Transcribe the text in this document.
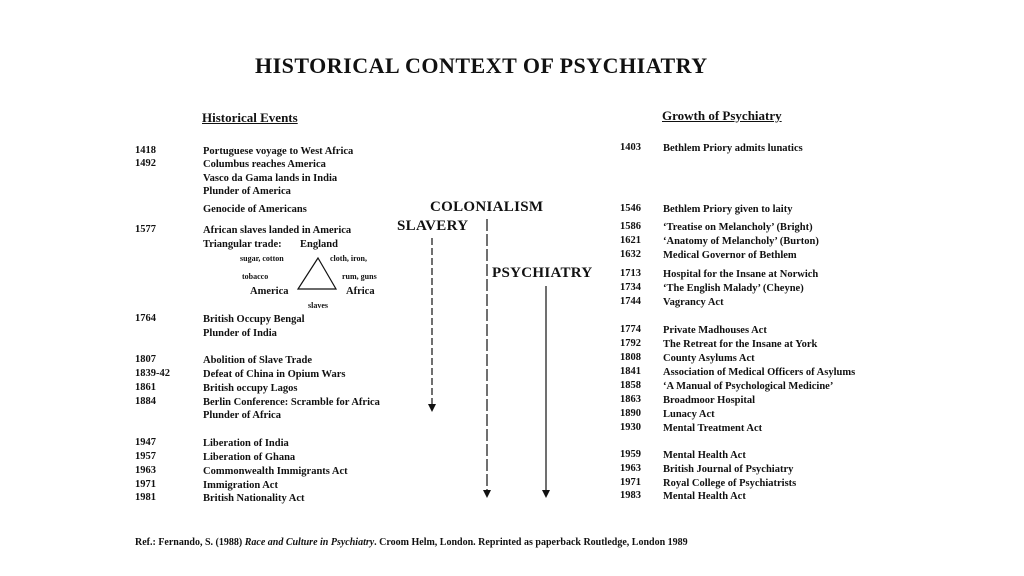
HISTORICAL CONTEXT OF PSYCHIATRY
Historical Events	Growth of Psychiatry
1418	Portuguese voyage to West Africa
1492	Columbus reaches America
Vasco da Gama lands in India
Plunder of America
Genocide of Americans
1577	African slaves landed in America
Triangular trade: England
sugar, cotton	cloth, iron,
tobacco	rum, guns
America	Africa
slaves
1764	British Occupy Bengal
Plunder of India
1807	Abolition of Slave Trade
1839-42	Defeat of China in Opium Wars
1861	British occupy Lagos
1884	Berlin Conference: Scramble for Africa
Plunder of Africa
1947	Liberation of India
1957	Liberation of Ghana
1963	Commonwealth Immigrants Act
1971	Immigration Act
1981	British Nationality Act
COLONIALISM
SLAVERY
PSYCHIATRY
1403 Bethlem Priory admits lunatics
1546 Bethlem Priory given to laity
1586 ‘Treatise on Melancholy’ (Bright)
1621 ‘Anatomy of Melancholy’ (Burton)
1632 Medical Governor of Bethlem
1713 Hospital for the Insane at Norwich
1734 ‘The English Malady’ (Cheyne)
1744 Vagrancy Act
1774 Private Madhouses Act
1792 The Retreat for the Insane at York
1808 County Asylums Act
1841 Association of Medical Officers of Asylums
1858 ‘A Manual of Psychological Medicine’
1863 Broadmoor Hospital
1890 Lunacy Act
1930 Mental Treatment Act
1959 Mental Health Act
1963 British Journal of Psychiatry
1971 Royal College of Psychiatrists
1983 Mental Health Act
Ref.: Fernando, S. (1988) Race and Culture in Psychiatry. Croom Helm, London. Reprinted as paperback Routledge, London 1989
